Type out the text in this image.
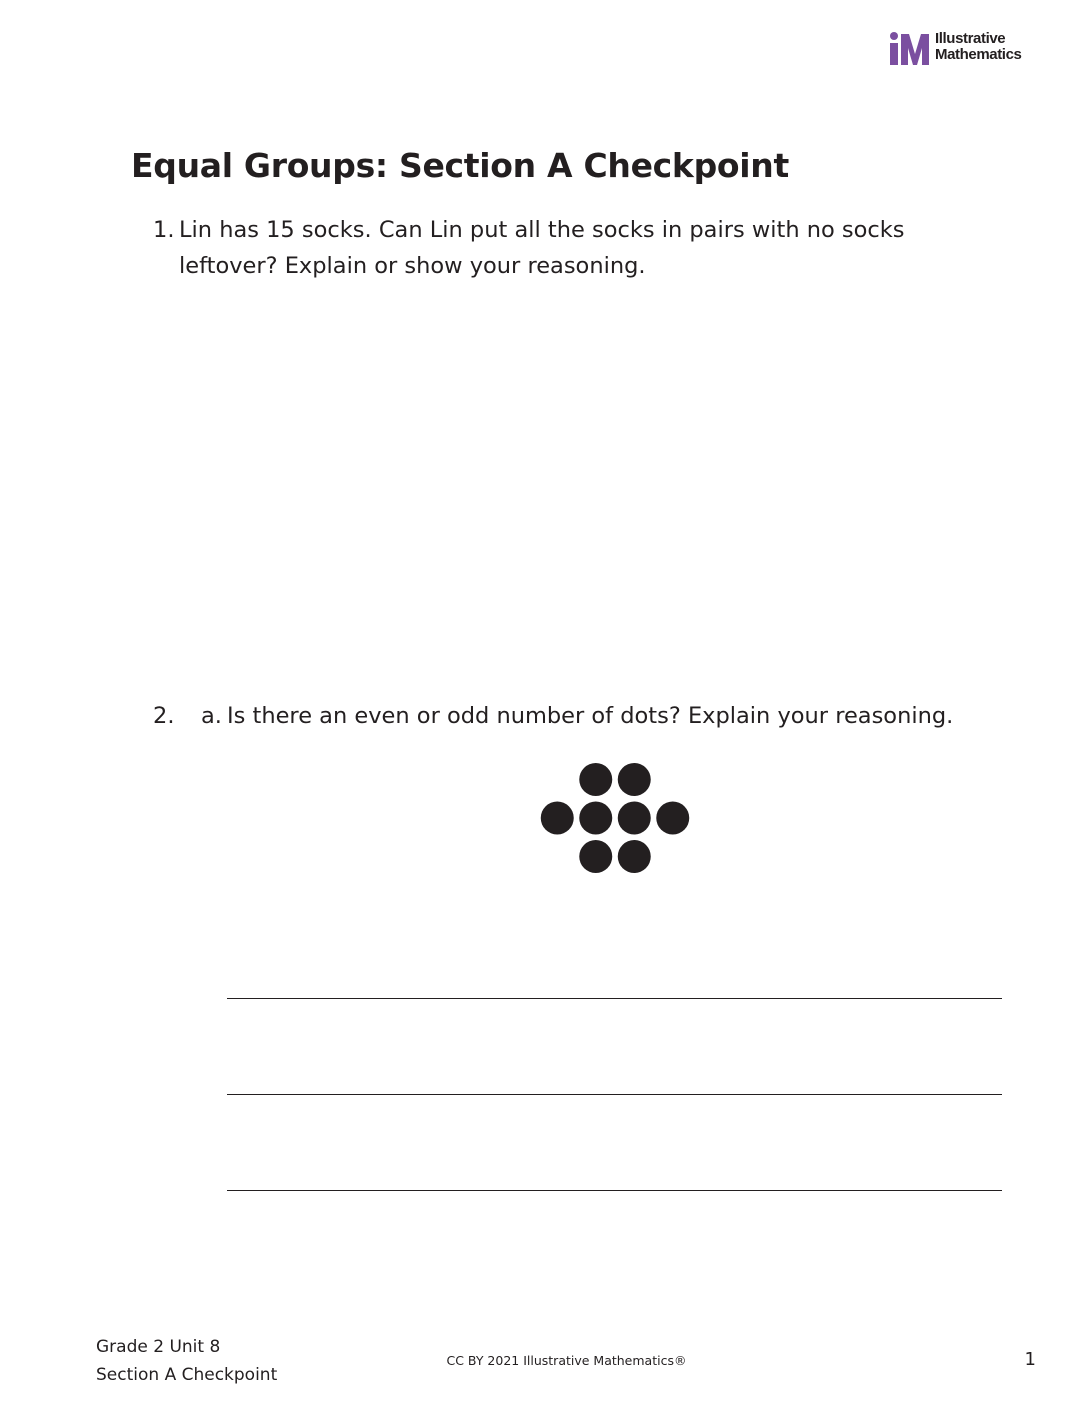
Illustrative
Mathematics
Equal Groups: Section A Checkpoint
1. Lin has 15 socks. Can Lin put all the socks in pairs with no socks leftover? Explain or show your reasoning.
2. a. Is there an even or odd number of dots? Explain your reasoning.
Grade 2 Unit 8
Section A Checkpoint
CC BY 2021 Illustrative Mathematics®	1
